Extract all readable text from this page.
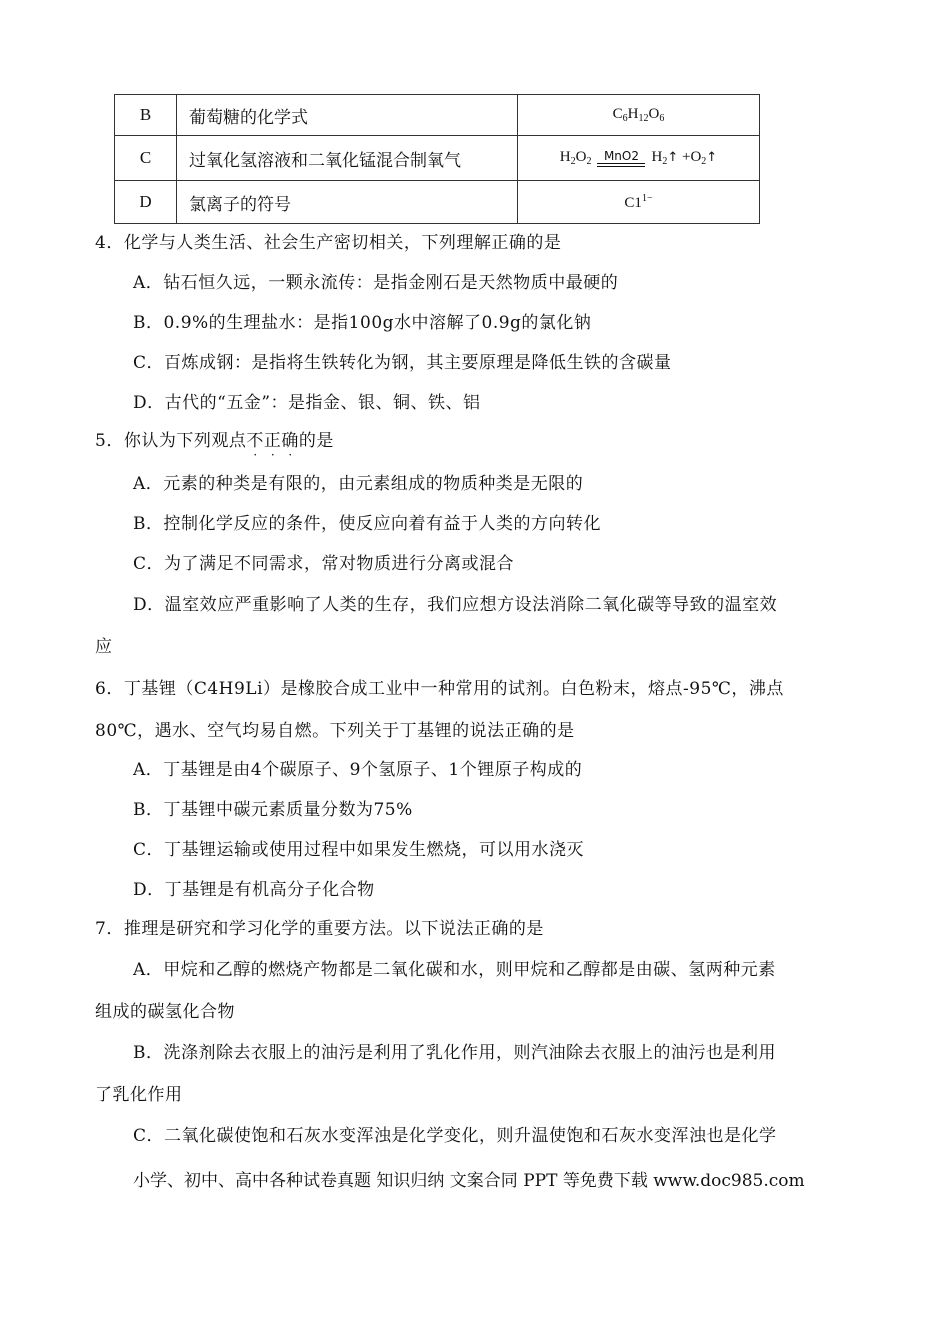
B	葡萄糖的化学式	$C_6H_{12}O_6$
C	过氧化氢溶液和二氧化锰混合制氧气	$H_2O_2$ MnO2 $H_2↑$ $+O_2↑$

D	氯离子的符号	$C1^{1-}$
4．化学与人类生活、社会生产密切相关，下列理解正确的是
A．钻石恒久远，一颗永流传：是指金刚石是天然物质中最硬的
B．0.9%的生理盐水：是指100g水中溶解了0.9g的氯化钠
C．百炼成钢：是指将生铁转化为钢，其主要原理是降低生铁的含碳量
D．古代的“五金”：是指金、银、铜、铁、铝
5．你认为下列观点不
·
正
·
确
·
的是
A．元素的种类是有限的，由元素组成的物质种类是无限的
B．控制化学反应的条件，使反应向着有益于人类的方向转化
C．为了满足不同需求，常对物质进行分离或混合
D．温室效应严重影响了人类的生存，我们应想方设法消除二氧化碳等导致的温室效
应
6．丁基锂（C4H9Li）是橡胶合成工业中一种常用的试剂。白色粉末，熔点-95℃，沸点
80℃，遇水、空气均易自燃。下列关于丁基锂的说法正确的是
A．丁基锂是由4个碳原子、9个氢原子、1个锂原子构成的
B．丁基锂中碳元素质量分数为75%
C．丁基锂运输或使用过程中如果发生燃烧，可以用水浇灭
D．丁基锂是有机高分子化合物
7．推理是研究和学习化学的重要方法。以下说法正确的是
A．甲烷和乙醇的燃烧产物都是二氧化碳和水，则甲烷和乙醇都是由碳、氢两种元素
组成的碳氢化合物
B．洗涤剂除去衣服上的油污是利用了乳化作用，则汽油除去衣服上的油污也是利用
了乳化作用
C．二氧化碳使饱和石灰水变浑浊是化学变化，则升温使饱和石灰水变浑浊也是化学
小学、初中、高中各种试卷真题 知识归纳 文案合同 PPT 等免费下载 www.doc985.com
